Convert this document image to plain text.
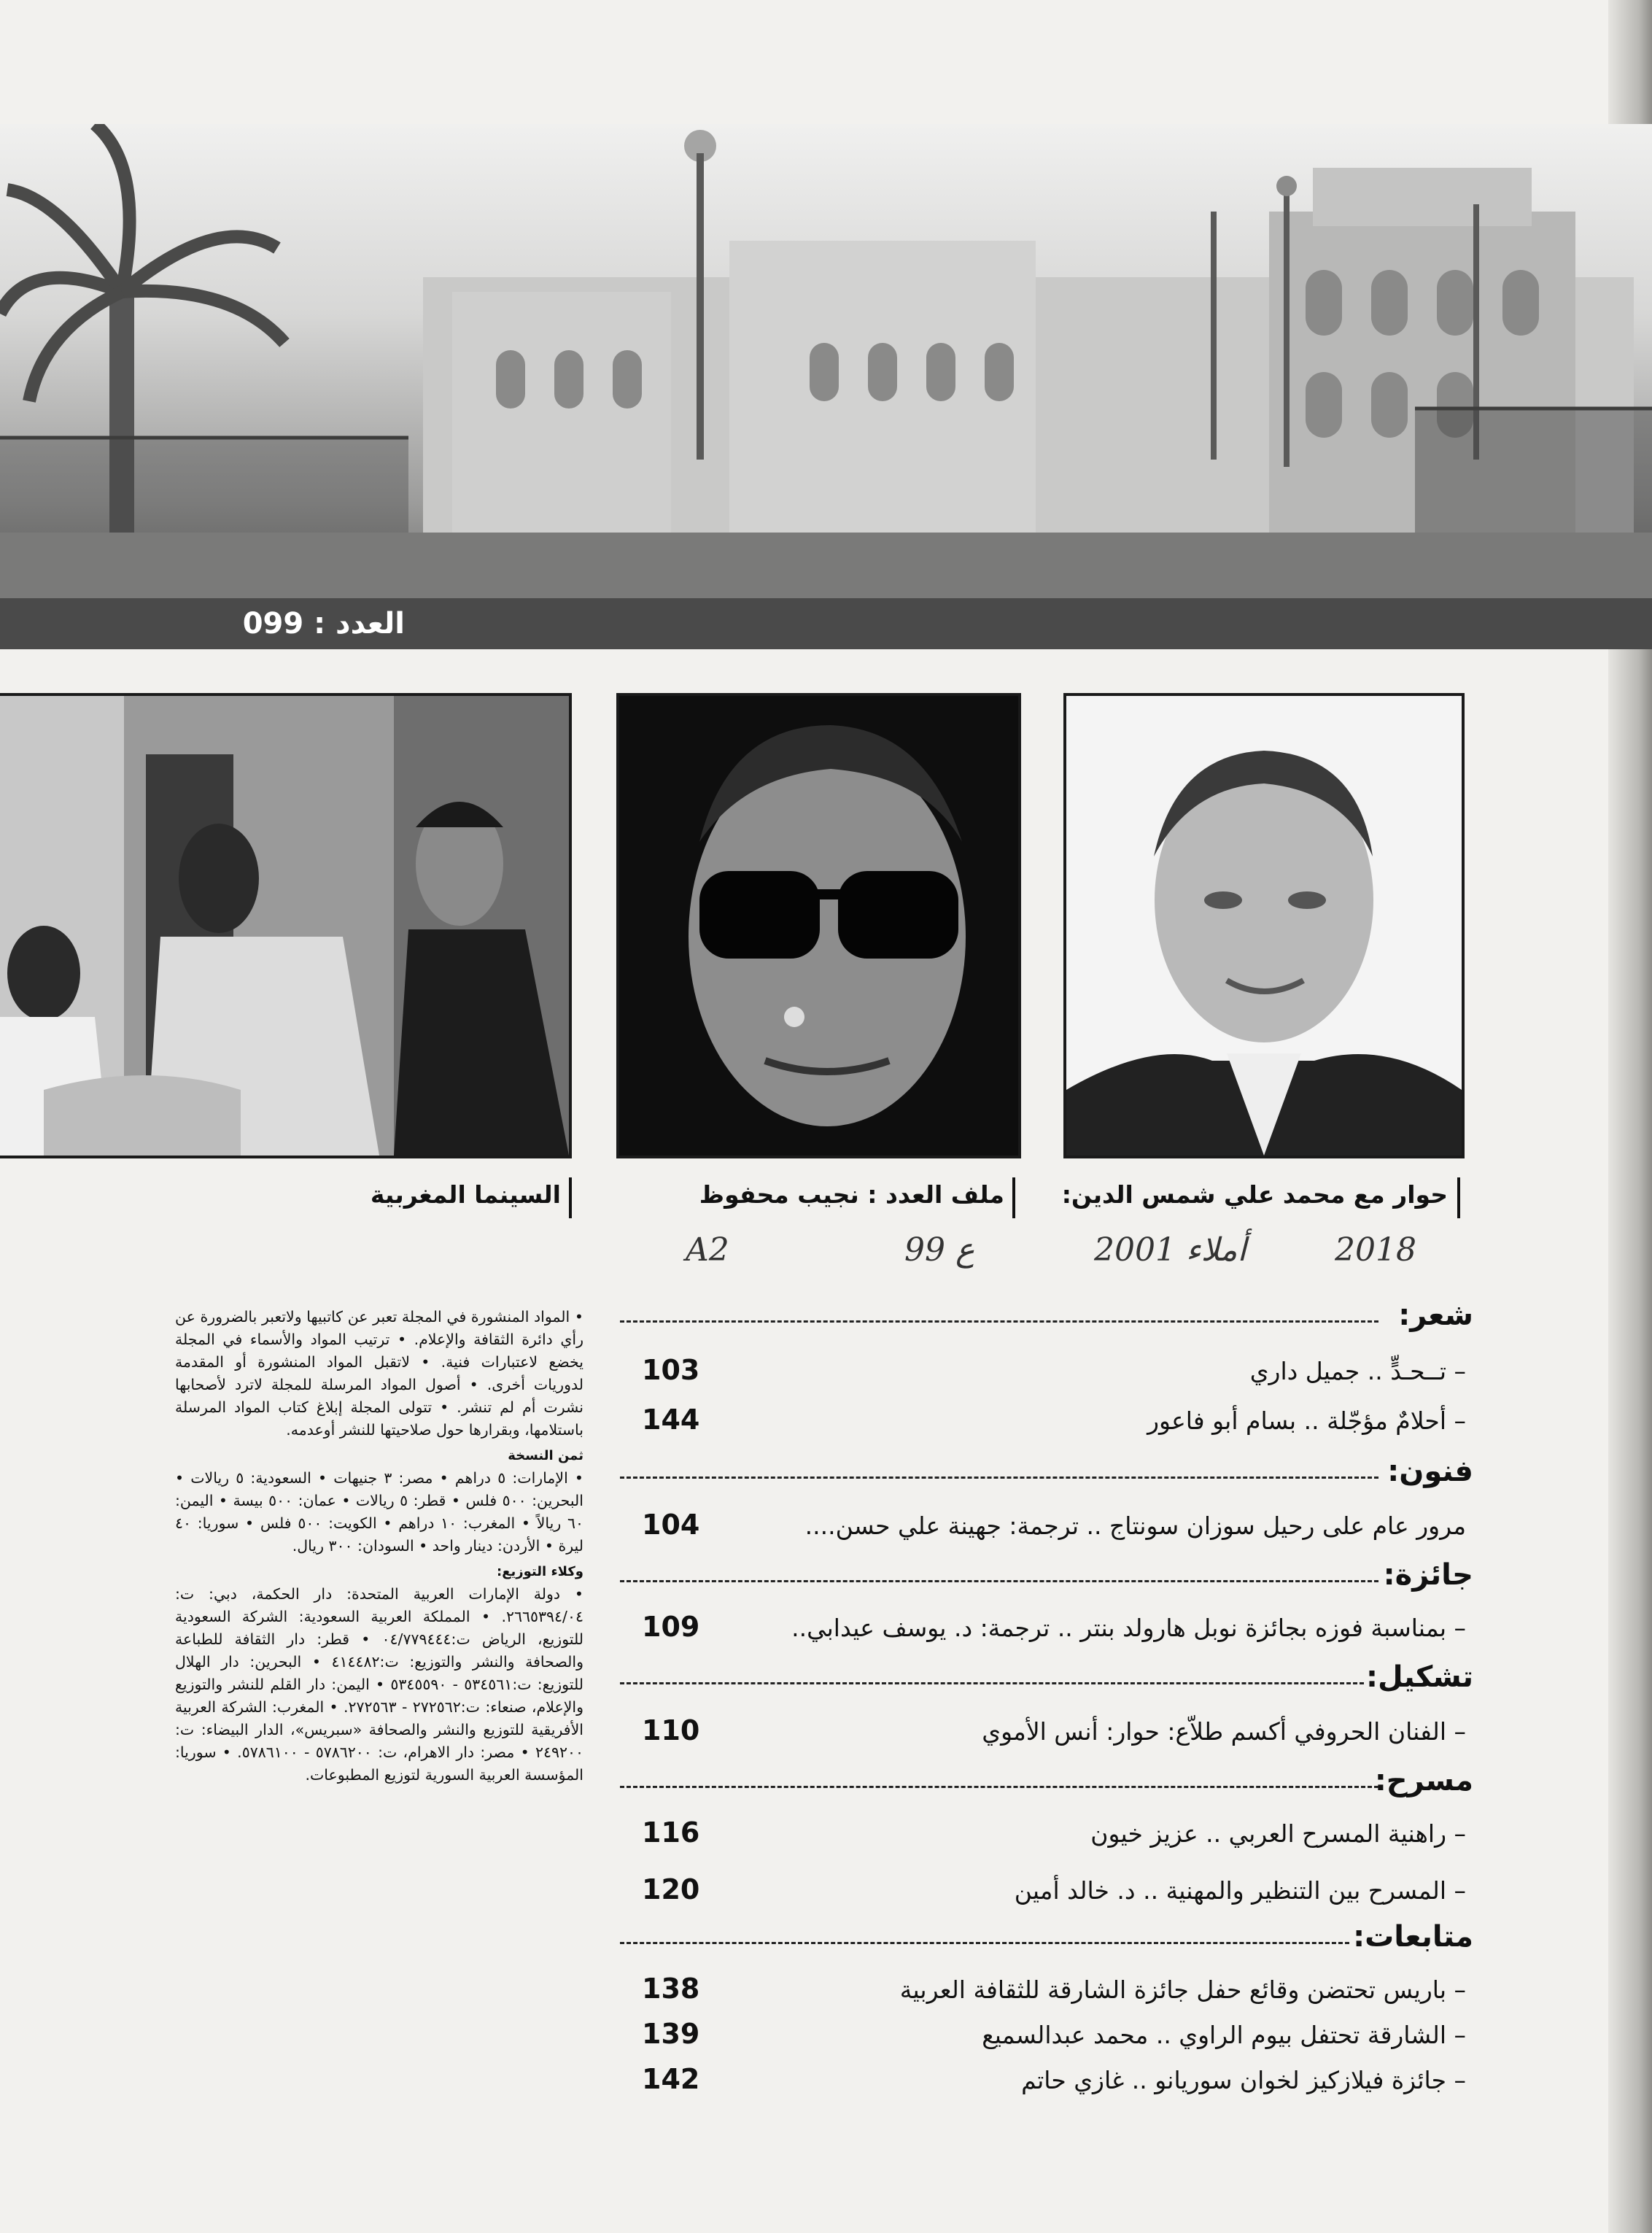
العدد : 099
حوار مع محمد علي شمس الدين:
ملف العدد : نجيب محفوظ
السينما المغربية
2018
أملاء 2001
ع 99
A2
شعر:
– تــحـدٍّ .. جميل داري
103
– أحلامٌ مؤجّلة .. بسام أبو فاعور
144
فنون:
مرور عام على رحيل سوزان سونتاج .. ترجمة: جهينة علي حسن....
104
جائزة:
– بمناسبة فوزه بجائزة نوبل هارولد بنتر .. ترجمة: د. يوسف عيدابي..
109
تشكيل:
– الفنان الحروفي أكسم طلاّع: حوار: أنس الأموي
110
مسرح:
– راهنية المسرح العربي .. عزيز خيون
116
– المسرح بين التنظير والمهنية .. د. خالد أمين
120
متابعات:
– باريس تحتضن وقائع حفل جائزة الشارقة للثقافة العربية
138
– الشارقة تحتفل بيوم الراوي .. محمد عبدالسميع
139
– جائزة فيلازكيز لخوان سوريانو .. غازي حاتم
142

• المواد المنشورة في المجلة تعبر عن كاتبيها ولاتعبر بالضرورة عن رأي دائرة الثقافة والإعلام. • ترتيب المواد والأسماء في المجلة يخضع لاعتبارات فنية. • لاتقبل المواد المنشورة أو المقدمة لدوريات أخرى. • أصول المواد المرسلة للمجلة لاترد لأصحابها نشرت أم لم تنشر. • تتولى المجلة إبلاغ كتاب المواد المرسلة باستلامها، وبقرارها حول صلاحيتها للنشر أوعدمه.

ثمن النسخة

• الإمارات: ٥ دراهم • مصر: ٣ جنيهات • السعودية: ٥ ريالات • البحرين: ٥٠٠ فلس • قطر: ٥ ريالات • عمان: ٥٠٠ بيسة • اليمن: ٦٠ ريالاً • المغرب: ١٠ دراهم • الكويت: ٥٠٠ فلس • سوريا: ٤٠ ليرة • الأردن: دينار واحد • السودان: ٣٠٠ ريال.

وكلاء التوزيع:

• دولة الإمارات العربية المتحدة: دار الحكمة، دبي: ت: ٢٦٦٥٣٩٤/٠٤. • المملكة العربية السعودية: الشركة السعودية للتوزيع، الرياض ت:٠٤/٧٧٩٤٤٤ • قطر: دار الثقافة للطباعة والصحافة والنشر والتوزيع: ت:٤١٤٤٨٢ • البحرين: دار الهلال للتوزيع: ت:٥٣٤٥٦١ - ٥٣٤٥٥٩٠ • اليمن: دار القلم للنشر والتوزيع والإعلام، صنعاء: ت:٢٧٢٥٦٢ - ٢٧٢٥٦٣. • المغرب: الشركة العربية الأفريقية للتوزيع والنشر والصحافة «سبريس»، الدار البيضاء: ت: ٢٤٩٢٠٠ • مصر: دار الاهرام، ت: ٥٧٨٦٢٠٠ - ٥٧٨٦١٠٠. • سوريا: المؤسسة العربية السورية لتوزيع المطبوعات.
